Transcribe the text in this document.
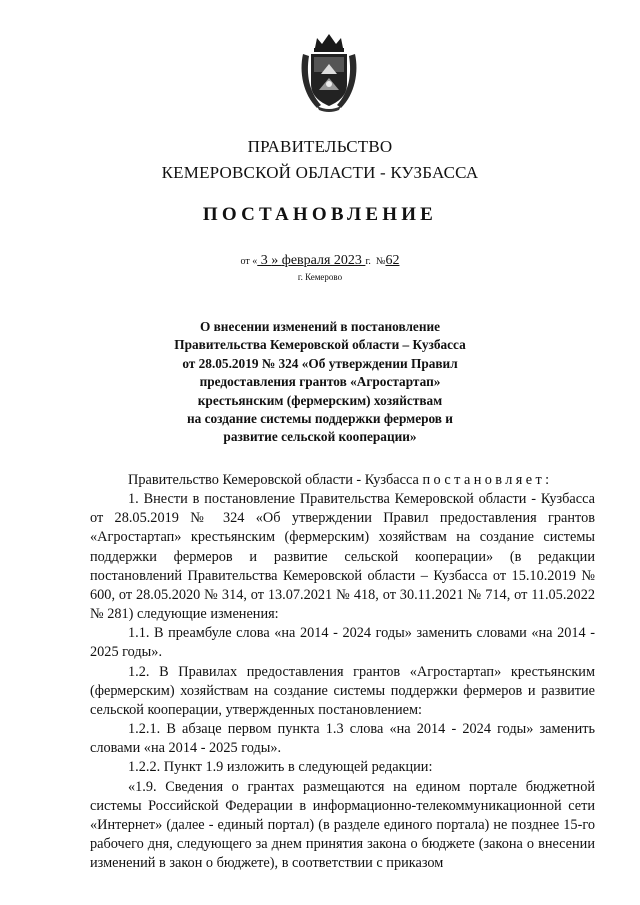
ПРАВИТЕЛЬСТВО
КЕМЕРОВСКОЙ ОБЛАСТИ - КУЗБАССА
ПОСТАНОВЛЕНИЕ
от « 3 » февраля 2023 г. №62
г. Кемерово
О внесении изменений в постановление
Правительства Кемеровской области – Кузбасса
от 28.05.2019 № 324 «Об утверждении Правил
предоставления грантов «Агростартап»
крестьянским (фермерским) хозяйствам
на создание системы поддержки фермеров и
развитие сельской кооперации»

Правительство Кемеровской области - Кузбасса постановляет:

1. Внести в постановление Правительства Кемеровской области - Кузбасса от 28.05.2019 № 324 «Об утверждении Правил предоставления грантов «Агростартап» крестьянским (фермерским) хозяйствам на создание системы поддержки фермеров и развитие сельской кооперации» (в редакции постановлений Правительства Кемеровской области – Кузбасса от 15.10.2019 № 600, от 28.05.2020 № 314, от 13.07.2021 № 418, от 30.11.2021 № 714, от 11.05.2022 № 281) следующие изменения:

1.1. В преамбуле слова «на 2014 - 2024 годы» заменить словами «на 2014 - 2025 годы».

1.2. В Правилах предоставления грантов «Агростартап» крестьянским (фермерским) хозяйствам на создание системы поддержки фермеров и развитие сельской кооперации, утвержденных постановлением:

1.2.1. В абзаце первом пункта 1.3 слова «на 2014 - 2024 годы» заменить словами «на 2014 - 2025 годы».

1.2.2. Пункт 1.9 изложить в следующей редакции:

«1.9. Сведения о грантах размещаются на едином портале бюджетной системы Российской Федерации в информационно-телекоммуникационной сети «Интернет» (далее - единый портал) (в разделе единого портала) не позднее 15-го рабочего дня, следующего за днем принятия закона о бюджете (закона о внесении изменений в закон о бюджете), в соответствии с приказом
